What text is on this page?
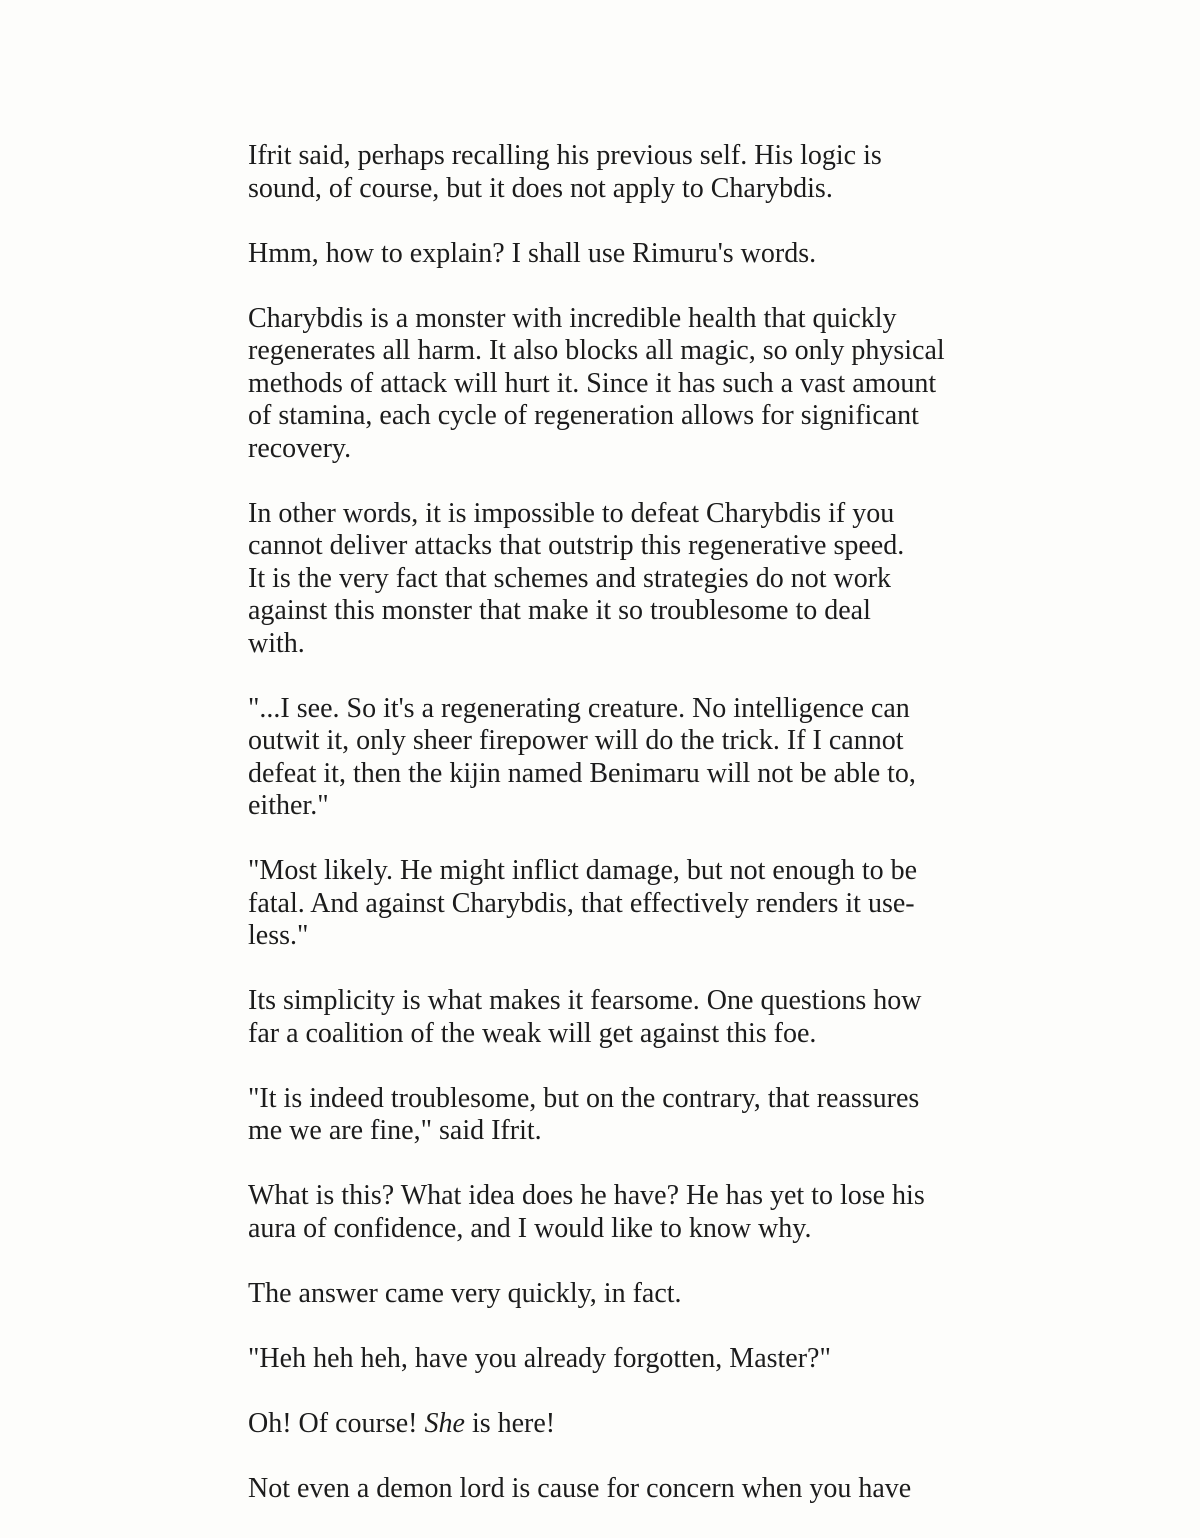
Ifrit said, perhaps recalling his previous self. His logic is
sound, of course, but it does not apply to Charybdis.

Hmm, how to explain? I shall use Rimuru's words.

Charybdis is a monster with incredible health that quickly
regenerates all harm. It also blocks all magic, so only physical
methods of attack will hurt it. Since it has such a vast amount
of stamina, each cycle of regeneration allows for significant
recovery.

In other words, it is impossible to defeat Charybdis if you
cannot deliver attacks that outstrip this regenerative speed.
It is the very fact that schemes and strategies do not work
against this monster that make it so troublesome to deal
with.

"...I see. So it's a regenerating creature. No intelligence can
outwit it, only sheer firepower will do the trick. If I cannot
defeat it, then the kijin named Benimaru will not be able to,
either."

"Most likely. He might inflict damage, but not enough to be
fatal. And against Charybdis, that effectively renders it use-
less."

Its simplicity is what makes it fearsome. One questions how
far a coalition of the weak will get against this foe.

"It is indeed troublesome, but on the contrary, that reassures
me we are fine," said Ifrit.

What is this? What idea does he have? He has yet to lose his
aura of confidence, and I would like to know why.

The answer came very quickly, in fact.

"Heh heh heh, have you already forgotten, Master?"

Oh! Of course! She is here!

Not even a demon lord is cause for concern when you have
